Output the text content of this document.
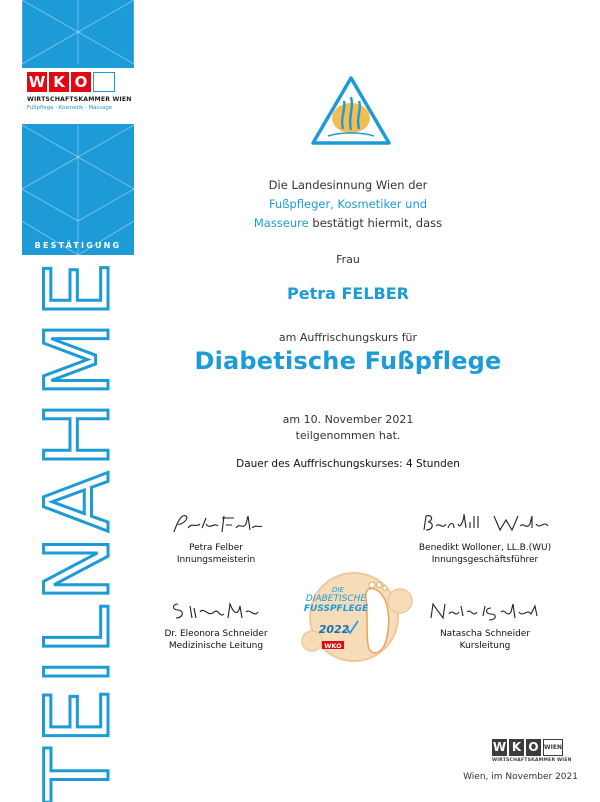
W K O
WIRTSCHAFTSKAMMER WIEN
Fußpflege · Kosmetik · Massage
BESTÄTIGUNG
TEILNAHME
Die Landesinnung Wien der
Fußpfleger, Kosmetiker und
Masseure bestätigt hiermit, dass
Frau
Petra FELBER
am Auffrischungskurs für
Diabetische Fußpflege
am 10. November 2021
teilgenommen hat.
Dauer des Auffrischungskurses: 4 Stunden
Petra Felber
Innungsmeisterin
Benedikt Wolloner, LL.B.(WU)
Innungsgeschäftsführer
Dr. Eleonora Schneider
Medizinische Leitung
Natascha Schneider
Kursleitung
DIE
DIABETISCHE
FUSSPFLEGE
2022
WKO
W K O WIEN
WIRTSCHAFTSKAMMER WIEN
Wien, im November 2021
